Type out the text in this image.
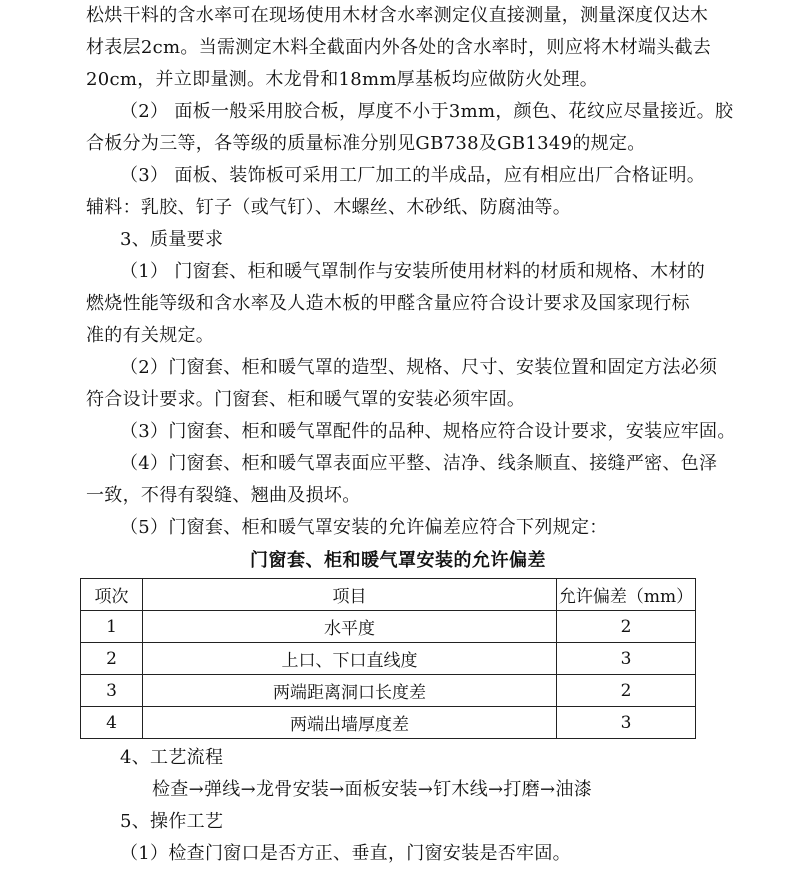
松烘干料的含水率可在现场使用木材含水率测定仪直接测量，测量深度仅达木
材表层2cm。当需测定木料全截面内外各处的含水率时，则应将木材端头截去
20cm，并立即量测。木龙骨和18mm厚基板均应做防火处理。
（2） 面板一般采用胶合板，厚度不小于3mm，颜色、花纹应尽量接近。胶
合板分为三等，各等级的质量标准分别见GB738及GB1349的规定。
（3） 面板、装饰板可采用工厂加工的半成品，应有相应出厂合格证明。
辅料：乳胶、钉子（或气钉）、木螺丝、木砂纸、防腐油等。
3、质量要求
（1） 门窗套、柜和暖气罩制作与安装所使用材料的材质和规格、木材的
燃烧性能等级和含水率及人造木板的甲醛含量应符合设计要求及国家现行标
准的有关规定。
（2）门窗套、柜和暖气罩的造型、规格、尺寸、安装位置和固定方法必须
符合设计要求。门窗套、柜和暖气罩的安装必须牢固。
（3）门窗套、柜和暖气罩配件的品种、规格应符合设计要求，安装应牢固。
（4）门窗套、柜和暖气罩表面应平整、洁净、线条顺直、接缝严密、色泽
一致，不得有裂缝、翘曲及损坏。
（5）门窗套、柜和暖气罩安装的允许偏差应符合下列规定：
门窗套、柜和暖气罩安装的允许偏差
项次	项目	允许偏差（mm）
1	水平度	2
2	上口、下口直线度	3
3	两端距离洞口长度差	2
4	两端出墙厚度差	3
4、工艺流程
检查→弹线→龙骨安装→面板安装→钉木线→打磨→油漆
5、操作工艺
（1）检查门窗口是否方正、垂直，门窗安装是否牢固。
